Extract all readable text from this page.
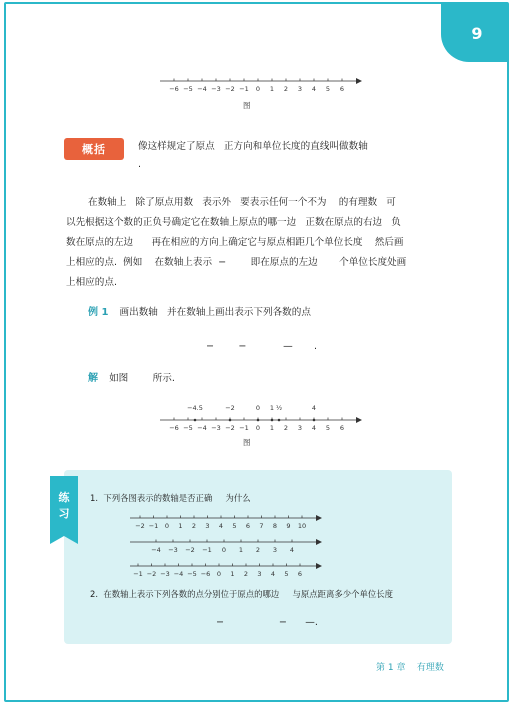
9
−6 −5 −4 −3 −2 −1 0 1 2 3 4 5 6
图
概括	像这样规定了原点   正方向和单位长度的直线叫做数轴
.
在数轴上   除了原点用数   表示外   要表示任何一个不为    的有理数   可
以先根据这个数的正负号确定它在数轴上原点的哪一边   正数在原点的右边   负
数在原点的左边      再在相应的方向上确定它与原点相距几个单位长度    然后画
上相应的点.  例如    在数轴上表示  −        即在原点的左边       个单位长度处画
上相应的点.
例 1 画出数轴   并在数轴上画出表示下列各数的点
−        −            —       .
解 如图        所示.
−6 −5 −4 −3 −2 −1 0 1 2 3 4 5 6
−4.5	−2	0 1 ½	4
图
练
习
1.  下列各图表示的数轴是否正确     为什么
−2 −1 0 1 2 3 4 5 6 7 8 9 10
−4 −3 −2 −1 0 1 2 3 4
−1 −2 −3 −4 −5 −6 0 1 2 3 4 5 6
2.  在数轴上表示下列各数的点分别位于原点的哪边     与原点距离多少个单位长度
−                  −      —.
第 1 章    有理数
